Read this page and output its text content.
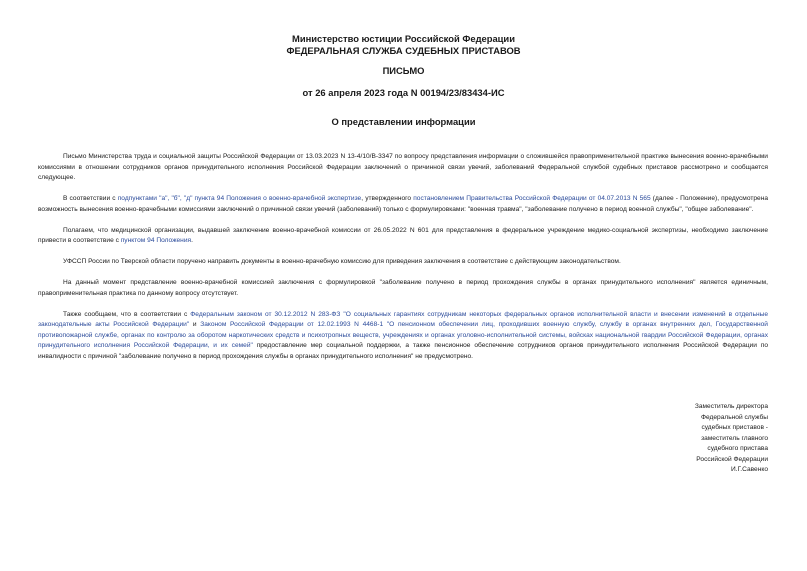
Министерство юстиции Российской Федерации
ФЕДЕРАЛЬНАЯ СЛУЖБА СУДЕБНЫХ ПРИСТАВОВ
ПИСЬМО
от 26 апреля 2023 года N 00194/23/83434-ИС
О представлении информации

Письмо Министерства труда и социальной защиты Российской Федерации от 13.03.2023 N 13-4/10/В-3347 по вопросу представления информации о сложившейся правоприменительной практике вынесения военно-врачебными комиссиями в отношении сотрудников органов принудительного исполнения Российской Федерации заключений о причинной связи увечий, заболеваний Федеральной службой судебных приставов рассмотрено и сообщается следующее.

В соответствии с подпунктами "а", "б", "д" пункта 94 Положения о военно-врачебной экспертизе, утвержденного постановлением Правительства Российской Федерации от 04.07.2013 N 565 (далее - Положение), предусмотрена возможность вынесения военно-врачебными комиссиями заключений о причинной связи увечий (заболеваний) только с формулировками: "военная травма", "заболевание получено в период военной службы", "общее заболевание".

Полагаем, что медицинской организации, выдавшей заключение военно-врачебной комиссии от 26.05.2022 N 601 для представления в федеральное учреждение медико-социальной экспертизы, необходимо заключение привести в соответствие с пунктом 94 Положения.

УФССП России по Тверской области поручено направить документы в военно-врачебную комиссию для приведения заключения в соответствие с действующим законодательством.

На данный момент представление военно-врачебной комиссией заключения с формулировкой "заболевание получено в период прохождения службы в органах принудительного исполнения" является единичным, правоприменительная практика по данному вопросу отсутствует.

Также сообщаем, что в соответствии с Федеральным законом от 30.12.2012 N 283-ФЗ "О социальных гарантиях сотрудникам некоторых федеральных органов исполнительной власти и внесении изменений в отдельные законодательные акты Российской Федерации" и Законом Российской Федерации от 12.02.1993 N 4468-1 "О пенсионном обеспечении лиц, проходивших военную службу, службу в органах внутренних дел, Государственной противопожарной службе, органах по контролю за оборотом наркотических средств и психотропных веществ, учреждениях и органах уголовно-исполнительной системы, войсках национальной гвардии Российской Федерации, органах принудительного исполнения Российской Федерации, и их семей" предоставление мер социальной поддержки, а также пенсионное обеспечение сотрудников органов принудительного исполнения Российской Федерации по инвалидности с причиной "заболевание получено в период прохождения службы в органах принудительного исполнения" не предусмотрено.

Заместитель директора
Федеральной службы
судебных приставов -
заместитель главного
судебного пристава
Российской Федерации
И.Г.Савенко
